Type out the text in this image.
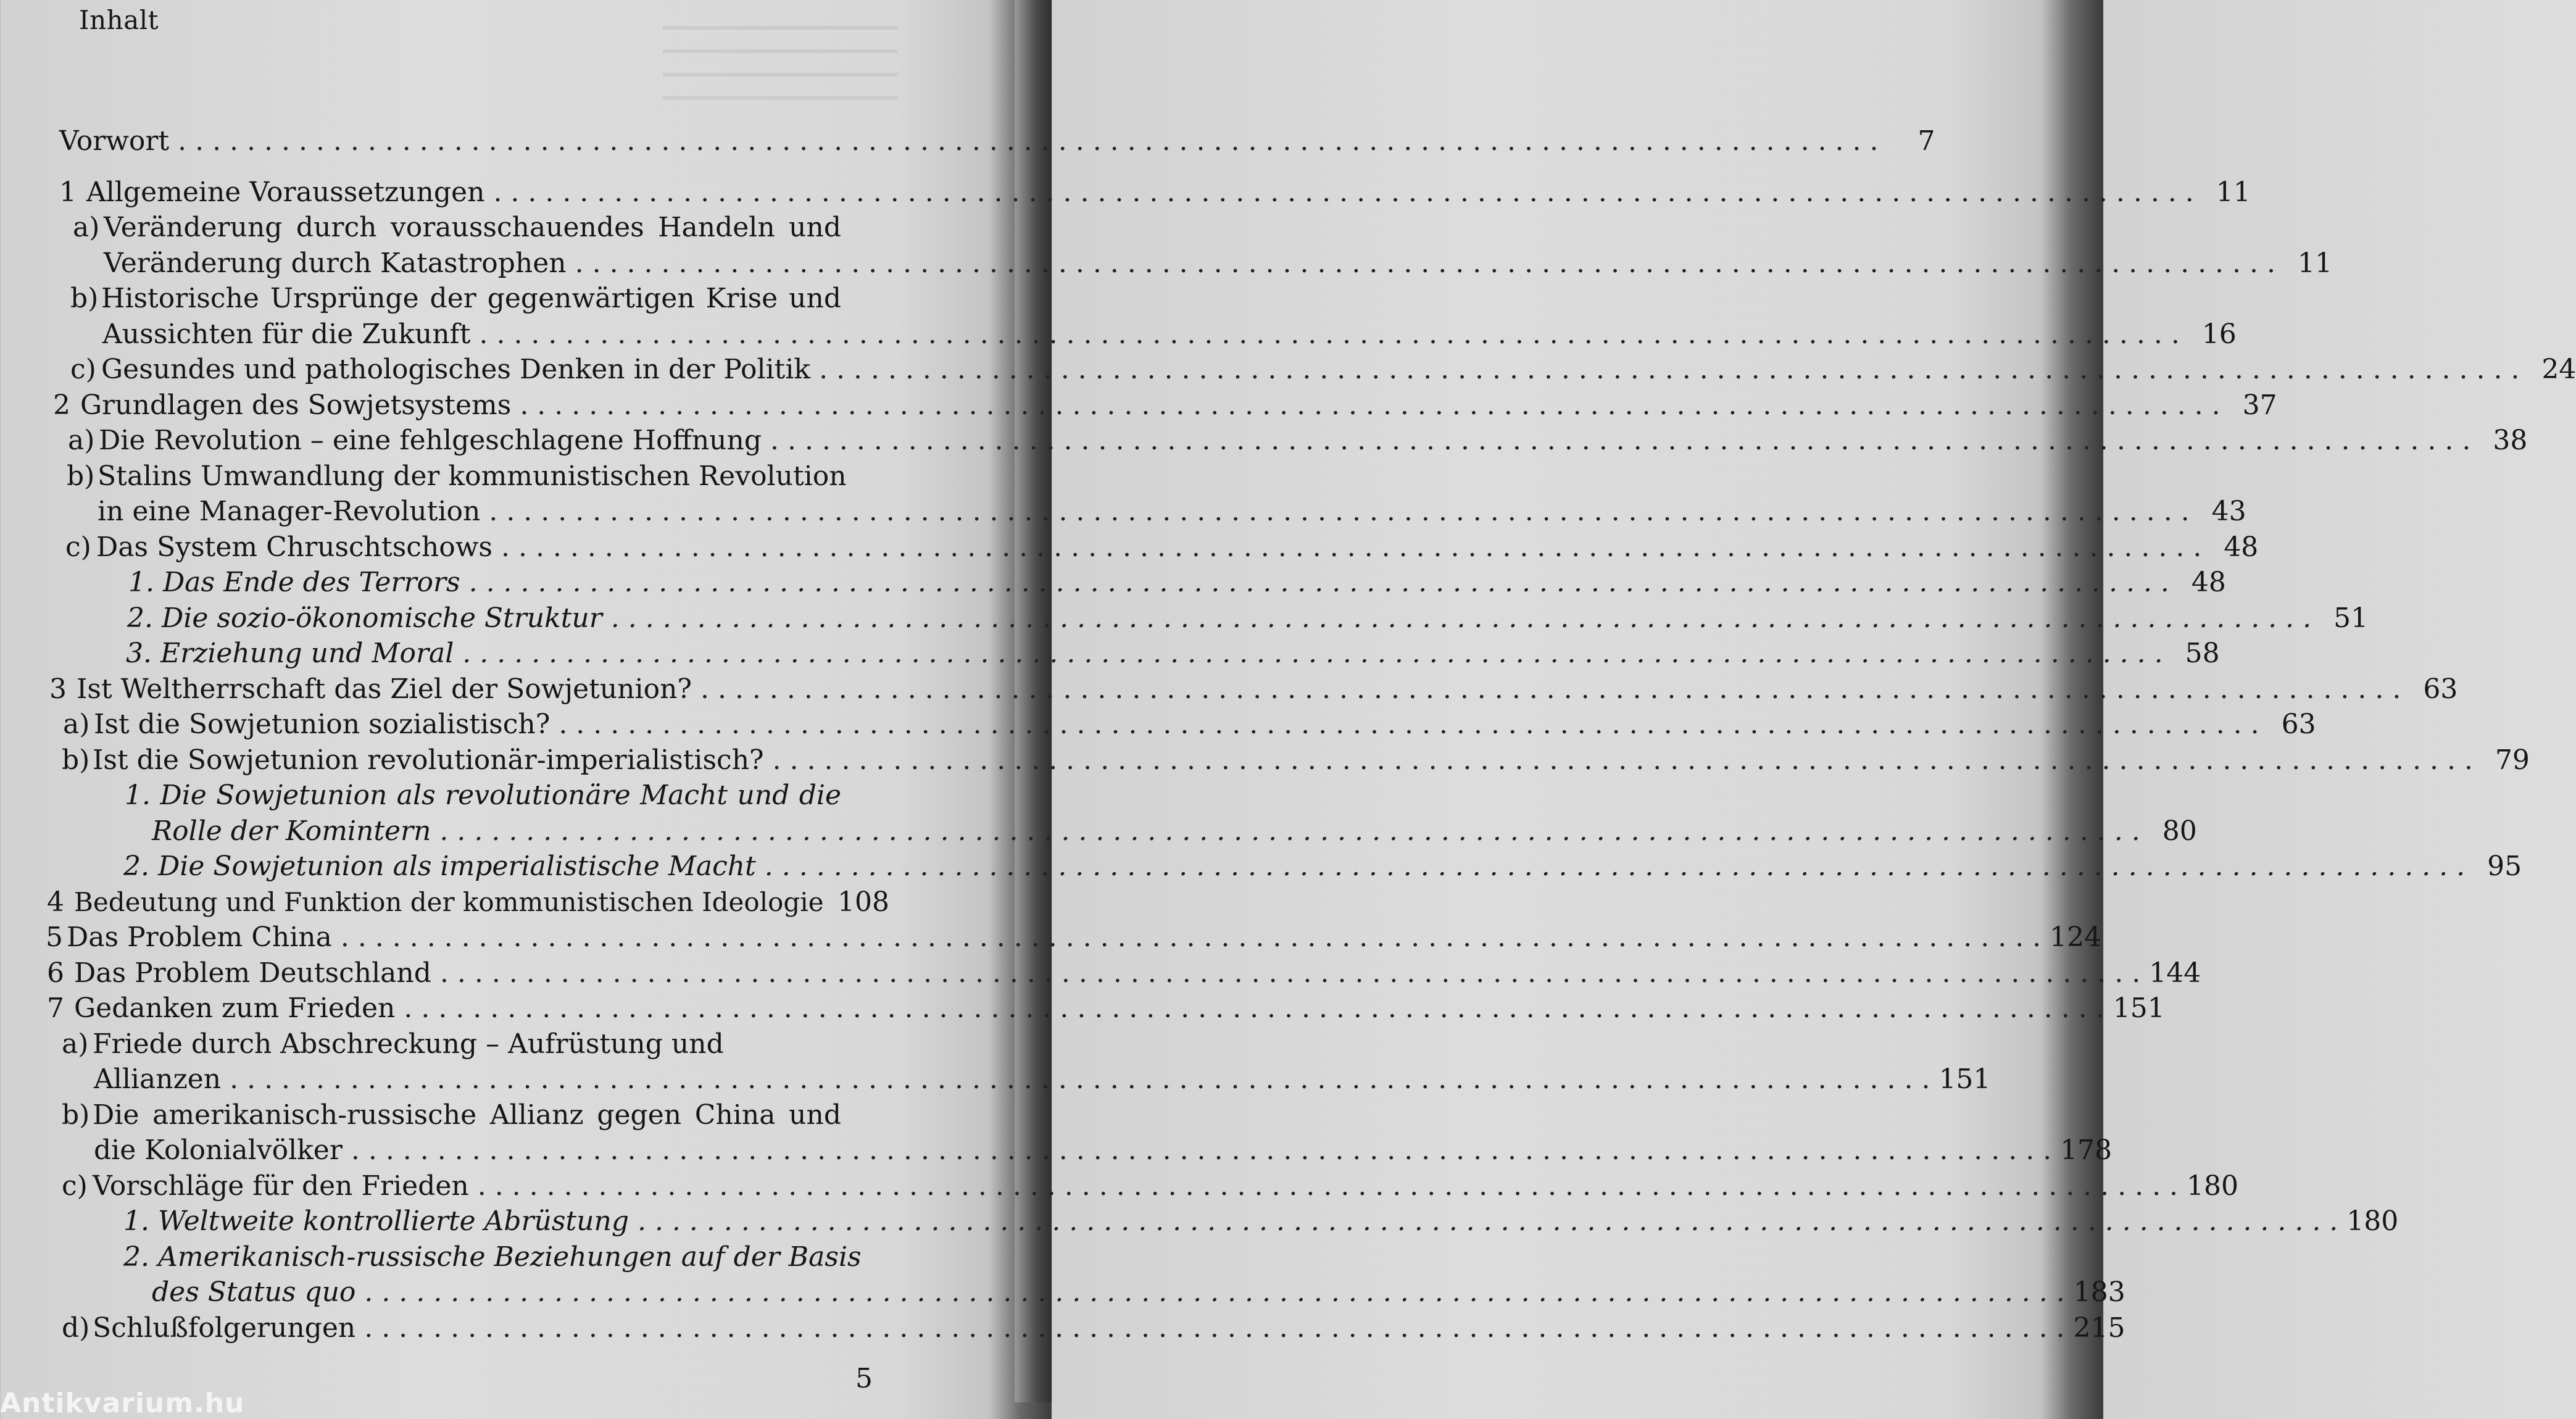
Inhalt
Vorwort . . .	7
1 Allgemeine Voraussetzungen . . .	11
a) Veränderung durch vorausschauendes Handeln und
Veränderung durch Katastrophen . . .	11
b) Historische Ursprünge der gegenwärtigen Krise und
Aussichten für die Zukunft . . .	16
c) Gesundes und pathologisches Denken in der Politik . . .	24
2 Grundlagen des Sowjetsystems . . .	37
a) Die Revolution – eine fehlgeschlagene Hoffnung . . .	38
b) Stalins Umwandlung der kommunistischen Revolution
in eine Manager-Revolution . . .	43
c) Das System Chruschtschows . . .	48
1. Das Ende des Terrors . . .	48
2. Die sozio-ökonomische Struktur . . .	51
3. Erziehung und Moral . . .	58
3 Ist Weltherrschaft das Ziel der Sowjetunion? . . .	63
a) Ist die Sowjetunion sozialistisch? . . .	63
b) Ist die Sowjetunion revolutionär-imperialistisch? . . .	79
1. Die Sowjetunion als revolutionäre Macht und die
Rolle der Komintern . . .	80
2. Die Sowjetunion als imperialistische Macht . . .	95
4 Bedeutung und Funktion der kommunistischen Ideologie 108
5 Das Problem China . . .	124
6 Das Problem Deutschland . . .	144
7 Gedanken zum Frieden . . .	151
a) Friede durch Abschreckung – Aufrüstung und
Allianzen . . .	151
b) Die amerikanisch-russische Allianz gegen China und
die Kolonialvölker . . .	178
c) Vorschläge für den Frieden . . .	180
1. Weltweite kontrollierte Abrüstung . . .	180
2. Amerikanisch-russische Beziehungen auf der Basis
des Status quo . . .	183
d) Schlußfolgerungen . . .	215
5
Antikvarium.hu
